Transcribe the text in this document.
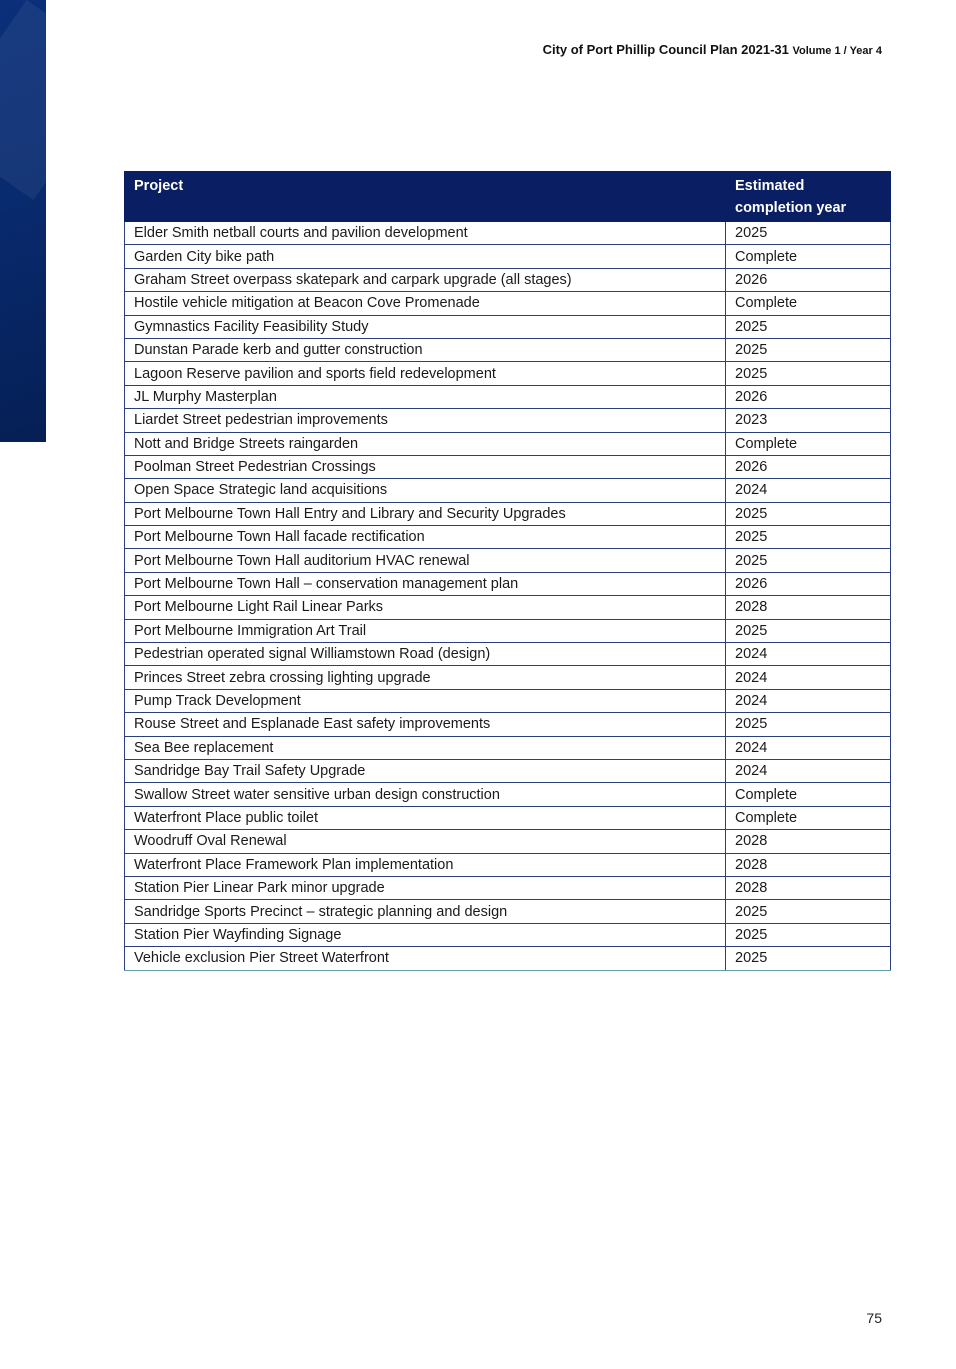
City of Port Phillip Council Plan 2021-31 Volume 1 / Year 4
Project	Estimated completion year
Elder Smith netball courts and pavilion development	2025
Garden City bike path	Complete
Graham Street overpass skatepark and carpark upgrade (all stages)	2026
Hostile vehicle mitigation at Beacon Cove Promenade	Complete
Gymnastics Facility Feasibility Study	2025
Dunstan Parade kerb and gutter construction	2025
Lagoon Reserve pavilion and sports field redevelopment	2025
JL Murphy Masterplan	2026
Liardet Street pedestrian improvements	2023
Nott and Bridge Streets raingarden	Complete
Poolman Street Pedestrian Crossings	2026
Open Space Strategic land acquisitions	2024
Port Melbourne Town Hall Entry and Library and Security Upgrades	2025
Port Melbourne Town Hall facade rectification	2025
Port Melbourne Town Hall auditorium HVAC renewal	2025
Port Melbourne Town Hall – conservation management plan	2026
Port Melbourne Light Rail Linear Parks	2028
Port Melbourne Immigration Art Trail	2025
Pedestrian operated signal Williamstown Road (design)	2024
Princes Street zebra crossing lighting upgrade	2024
Pump Track Development	2024
Rouse Street and Esplanade East safety improvements	2025
Sea Bee replacement	2024
Sandridge Bay Trail Safety Upgrade	2024
Swallow Street water sensitive urban design construction	Complete
Waterfront Place public toilet	Complete
Woodruff Oval Renewal	2028
Waterfront Place Framework Plan implementation	2028
Station Pier Linear Park minor upgrade	2028
Sandridge Sports Precinct – strategic planning and design	2025
Station Pier Wayfinding Signage	2025
Vehicle exclusion Pier Street Waterfront	2025
75
